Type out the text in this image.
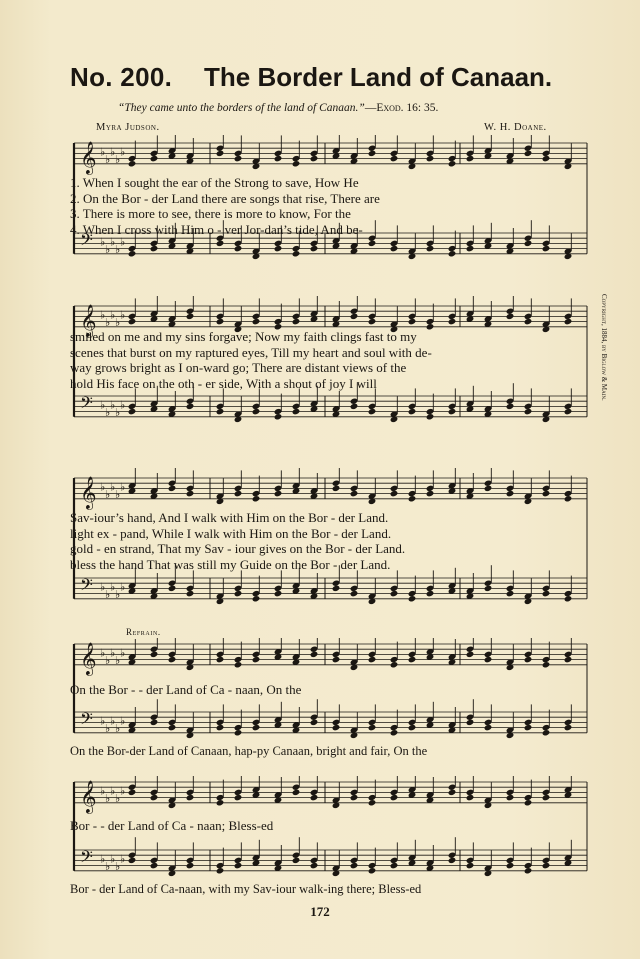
No. 200. The Border Land of Canaan.
“They came unto the borders of the land of Canaan.”—Exod. 16: 35.
Myra Judson.	W. H. Doane.
𝄞 ♭
♭
♭
♭
♭
𝄢 ♭
♭
♭
♭
♭
1. When I sought the ear of the Strong to save, How He
2. On the Bor - der Land there are songs that rise, There are
3. There is more to see, there is more to know, For the
4. When I cross with Him o - ver Jor-dan’s tide, And be-
𝄞 ♭
♭
♭
♭
♭
𝄢 ♭
♭
♭
♭
♭
smiled on me and my sins forgave; Now my faith clings fast to my
scenes that burst on my raptured eyes, Till my heart and soul with de-
way grows bright as I on-ward go; There are distant views of the
hold His face on the oth - er side, With a shout of joy I will
𝄞 ♭
♭
♭
♭
♭
𝄢 ♭
♭
♭
♭
♭
Sav-iour’s hand, And I walk with Him on the Bor - der Land.
light ex - pand, While I walk with Him on the Bor - der Land.
gold - en strand, That my Sav - iour gives on the Bor - der Land.
bless the hand That was still my Guide on the Bor - der Land.
Refrain.
𝄞 ♭
♭
♭
♭
♭
𝄢 ♭
♭
♭
♭
♭
On the Bor - - der Land of Ca - naan, On the
On the Bor-der Land of Canaan, hap-py Canaan, bright and fair, On the
𝄞 ♭
♭
♭
♭
♭
𝄢 ♭
♭
♭
♭
♭
Bor - - der Land of Ca - naan; Bless-ed
Bor - der Land of Ca-naan, with my Sav-iour walk-ing there; Bless-ed
Copyright, 1884, by Biglow & Main.
172
